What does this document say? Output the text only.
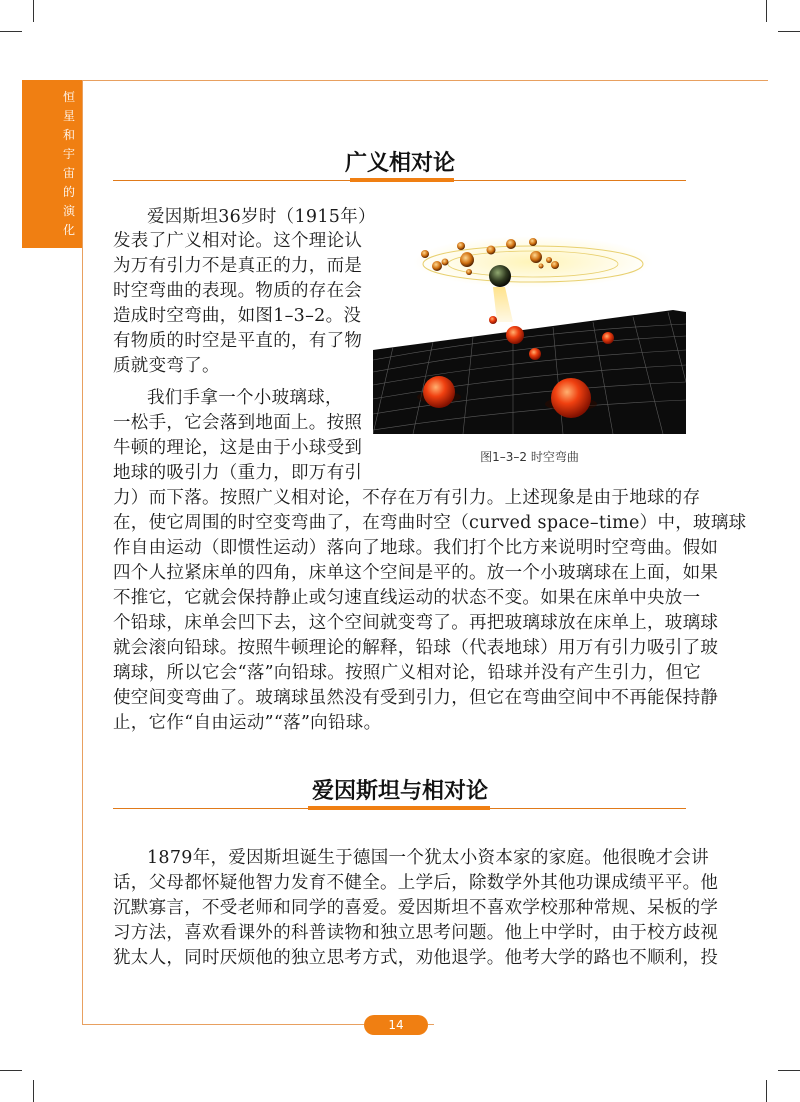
恒
星
和
宇
宙
的
演
化
广义相对论
爱因斯坦36岁时（1915年）
发表了广义相对论。这个理论认
为万有引力不是真正的力，而是
时空弯曲的表现。物质的存在会
造成时空弯曲，如图1–3–2。没
有物质的时空是平直的，有了物
质就变弯了。
我们手拿一个小玻璃球，
一松手，它会落到地面上。按照
牛顿的理论，这是由于小球受到
地球的吸引力（重力，即万有引
力）而下落。按照广义相对论，不存在万有引力。上述现象是由于地球的存
在，使它周围的时空变弯曲了，在弯曲时空（curved space–time）中，玻璃球
作自由运动（即惯性运动）落向了地球。我们打个比方来说明时空弯曲。假如
四个人拉紧床单的四角，床单这个空间是平的。放一个小玻璃球在上面，如果
不推它，它就会保持静止或匀速直线运动的状态不变。如果在床单中央放一
个铅球，床单会凹下去，这个空间就变弯了。再把玻璃球放在床单上，玻璃球
就会滚向铅球。按照牛顿理论的解释，铅球（代表地球）用万有引力吸引了玻
璃球，所以它会“落”向铅球。按照广义相对论，铅球并没有产生引力，但它
使空间变弯曲了。玻璃球虽然没有受到引力，但它在弯曲空间中不再能保持静
止，它作“自由运动”“落”向铅球。
图1–3–2 时空弯曲
爱因斯坦与相对论
1879年，爱因斯坦诞生于德国一个犹太小资本家的家庭。他很晚才会讲
话，父母都怀疑他智力发育不健全。上学后，除数学外其他功课成绩平平。他
沉默寡言，不受老师和同学的喜爱。爱因斯坦不喜欢学校那种常规、呆板的学
习方法，喜欢看课外的科普读物和独立思考问题。他上中学时，由于校方歧视
犹太人，同时厌烦他的独立思考方式，劝他退学。他考大学的路也不顺利，投
14
